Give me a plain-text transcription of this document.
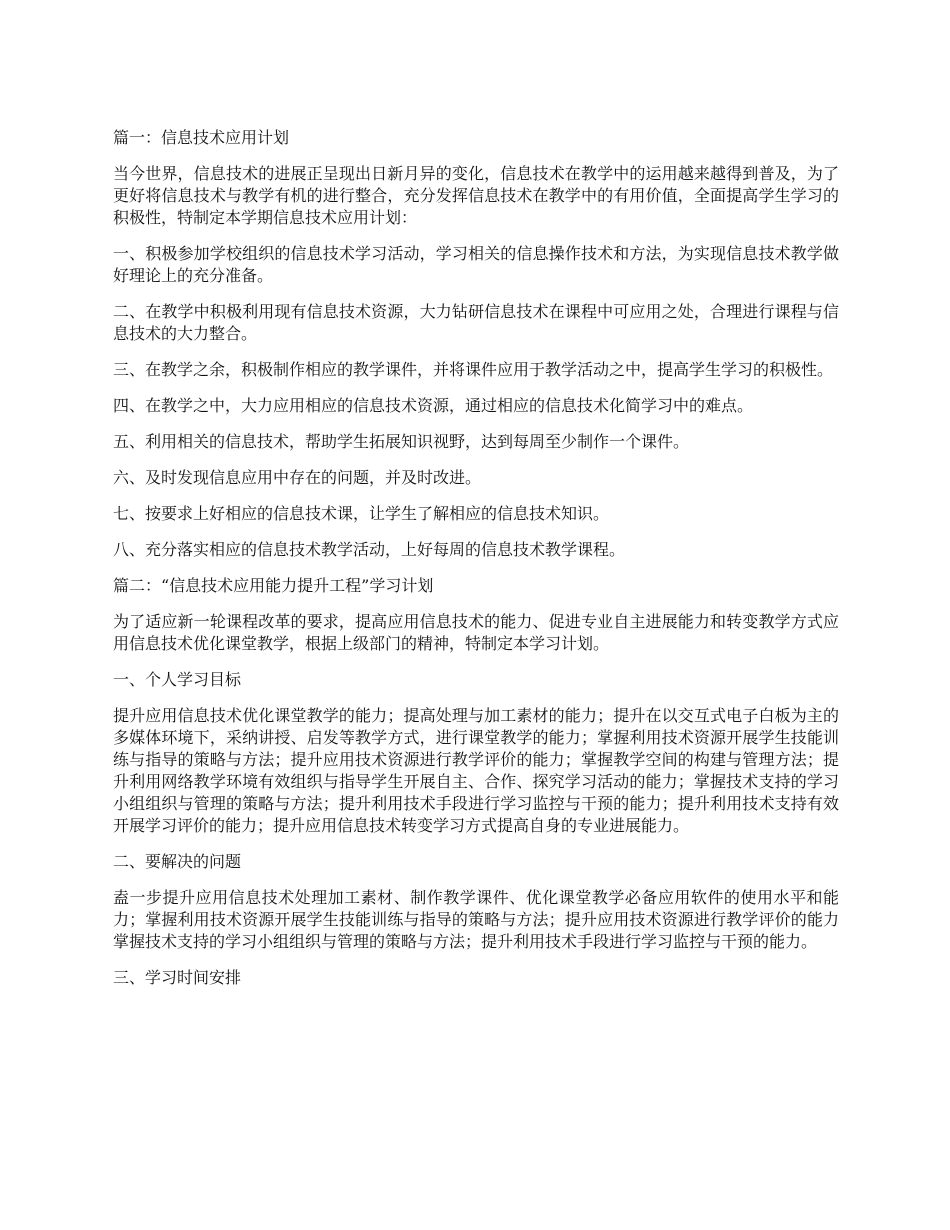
篇一：信息技术应用计划

当今世界，信息技术的进展正呈现出日新月异的变化，信息技术在教学中的运用越来越得到普及，为了更好将信息技术与教学有机的进行整合，充分发挥信息技术在教学中的有用价值，全面提高学生学习的积极性，特制定本学期信息技术应用计划：

一、积极参加学校组织的信息技术学习活动，学习相关的信息操作技术和方法，为实现信息技术教学做好理论上的充分准备。

二、在教学中积极利用现有信息技术资源，大力钻研信息技术在课程中可应用之处，合理进行课程与信息技术的大力整合。

三、在教学之余，积极制作相应的教学课件，并将课件应用于教学活动之中，提高学生学习的积极性。

四、在教学之中，大力应用相应的信息技术资源，通过相应的信息技术化简学习中的难点。

五、利用相关的信息技术，帮助学生拓展知识视野，达到每周至少制作一个课件。

六、及时发现信息应用中存在的问题，并及时改进。

七、按要求上好相应的信息技术课，让学生了解相应的信息技术知识。

八、充分落实相应的信息技术教学活动，上好每周的信息技术教学课程。

篇二：“信息技术应用能力提升工程”学习计划

为了适应新一轮课程改革的要求，提高应用信息技术的能力、促进专业自主进展能力和转变教学方式应用信息技术优化课堂教学，根据上级部门的精神，特制定本学习计划。

一、个人学习目标

提升应用信息技术优化课堂教学的能力；提高处理与加工素材的能力；提升在以交互式电子白板为主的多媒体环境下，采纳讲授、启发等教学方式，进行课堂教学的能力；掌握利用技术资源开展学生技能训练与指导的策略与方法；提升应用技术资源进行教学评价的能力；掌握教学空间的构建与管理方法；提升利用网络教学环境有效组织与指导学生开展自主、合作、探究学习活动的能力；掌握技术支持的学习小组组织与管理的策略与方法；提升利用技术手段进行学习监控与干预的能力；提升利用技术支持有效开展学习评价的能力；提升应用信息技术转变学习方式提高自身的专业进展能力。

二、要解决的问题

盍一步提升应用信息技术处理加工素材、制作教学课件、优化课堂教学必备应用软件的使用水平和能力；掌握利用技术资源开展学生技能训练与指导的策略与方法；提升应用技术资源进行教学评价的能力掌握技术支持的学习小组组织与管理的策略与方法；提升利用技术手段进行学习监控与干预的能力。

三、学习时间安排
